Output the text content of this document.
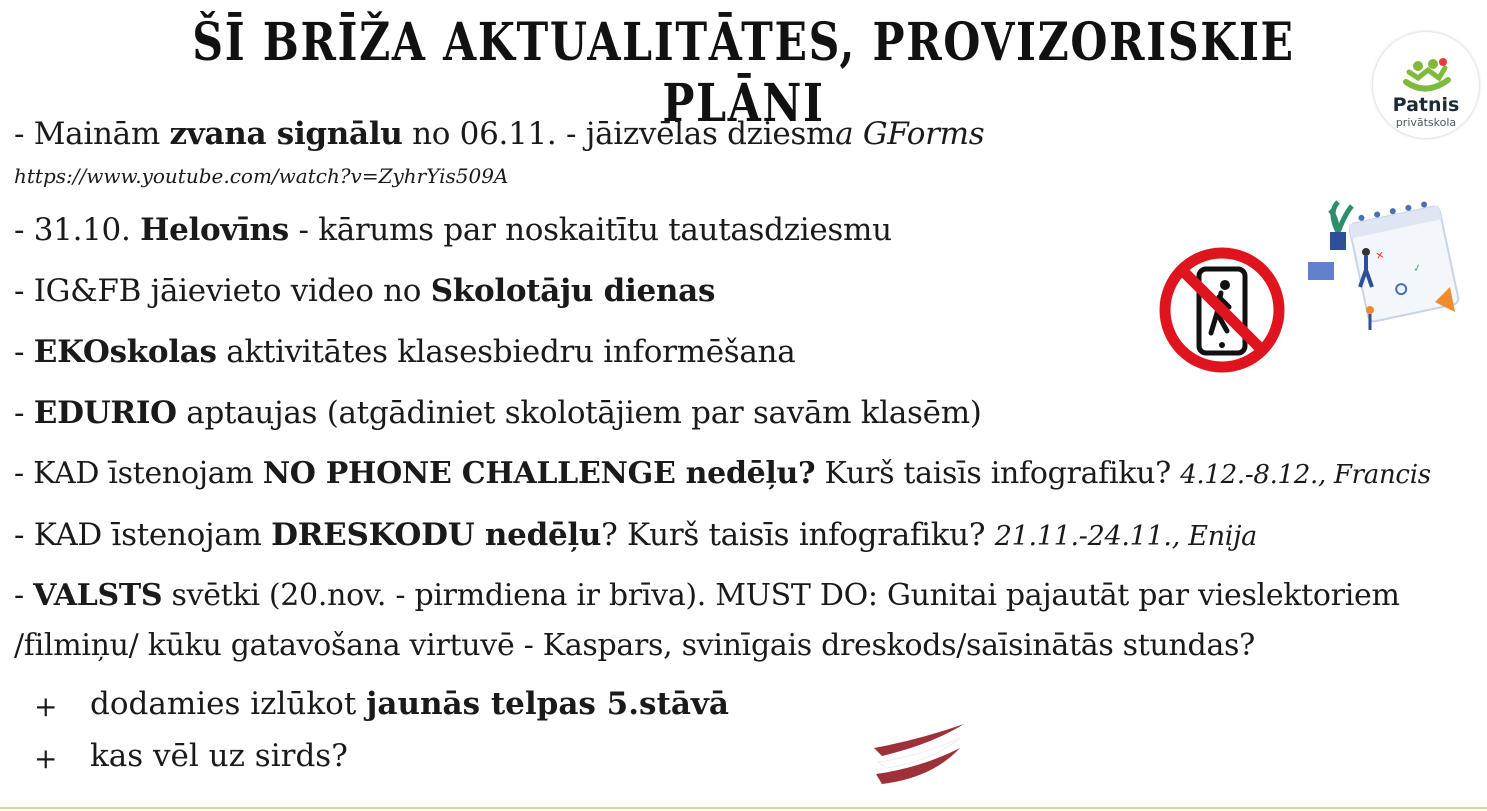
ŠĪ BRĪŽA AKTUALITĀTES, PROVIZORISKIE PLĀNI	Patnis
privātskola
- Mainām zvana signālu no 06.11. - jāizvēlas dziesma GForms
https://www.youtube.com/watch?v=ZyhrYis509A
- 31.10. Helovīns - kārums par noskaitītu tautasdziesmu
- IG&FB jāievieto video no Skolotāju dienas
- EKOskolas aktivitātes klasesbiedru informēšana
- EDURIO aptaujas (atgādiniet skolotājiem par savām klasēm)
- KAD īstenojam NO PHONE CHALLENGE nedēļu? Kurš taisīs infografiku? 4.12.-8.12., Francis
- KAD īstenojam DRESKODU nedēļu? Kurš taisīs infografiku? 21.11.-24.11., Enija
- VALSTS svētki (20.nov. - pirmdiena ir brīva). MUST DO: Gunitai pajautāt par vieslektoriem
/filmiņu/ kūku gatavošana virtuvē - Kaspars, svinīgais dreskods/saīsinātās stundas?
+ dodamies izlūkot jaunās telpas 5.stāvā
+ kas vēl uz sirds?
✕
✓
